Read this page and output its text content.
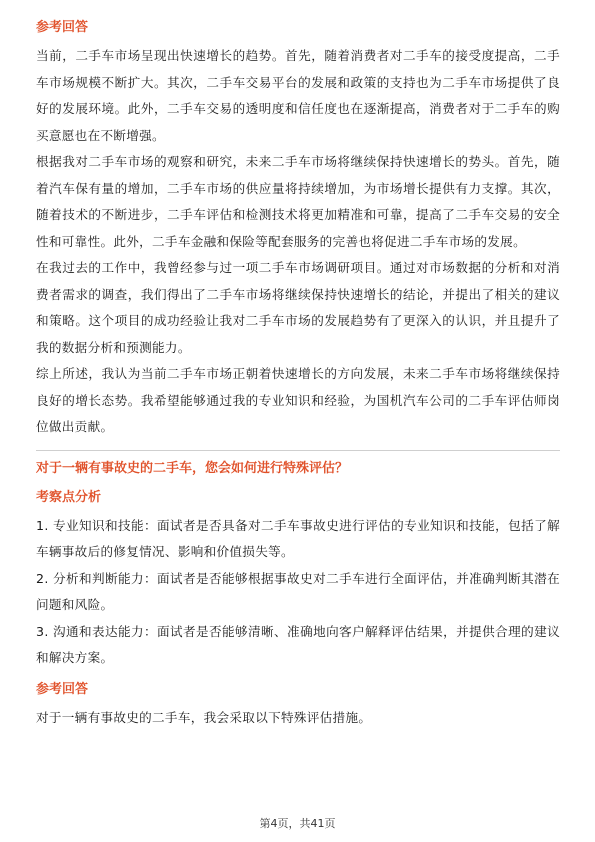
参考回答

当前，二手车市场呈现出快速增长的趋势。首先，随着消费者对二手车的接受度提高，二手车市场规模不断扩大。其次，二手车交易平台的发展和政策的支持也为二手车市场提供了良好的发展环境。此外，二手车交易的透明度和信任度也在逐渐提高，消费者对于二手车的购买意愿也在不断增强。

根据我对二手车市场的观察和研究，未来二手车市场将继续保持快速增长的势头。首先，随着汽车保有量的增加，二手车市场的供应量将持续增加，为市场增长提供有力支撑。其次，随着技术的不断进步，二手车评估和检测技术将更加精准和可靠，提高了二手车交易的安全性和可靠性。此外，二手车金融和保险等配套服务的完善也将促进二手车市场的发展。

在我过去的工作中，我曾经参与过一项二手车市场调研项目。通过对市场数据的分析和对消费者需求的调查，我们得出了二手车市场将继续保持快速增长的结论，并提出了相关的建议和策略。这个项目的成功经验让我对二手车市场的发展趋势有了更深入的认识，并且提升了我的数据分析和预测能力。

综上所述，我认为当前二手车市场正朝着快速增长的方向发展，未来二手车市场将继续保持良好的增长态势。我希望能够通过我的专业知识和经验，为国机汽车公司的二手车评估师岗位做出贡献。

对于一辆有事故史的二手车，您会如何进行特殊评估？
考察点分析

1. 专业知识和技能：面试者是否具备对二手车事故史进行评估的专业知识和技能，包括了解车辆事故后的修复情况、影响和价值损失等。

2. 分析和判断能力：面试者是否能够根据事故史对二手车进行全面评估，并准确判断其潜在问题和风险。

3. 沟通和表达能力：面试者是否能够清晰、准确地向客户解释评估结果，并提供合理的建议和解决方案。

参考回答

对于一辆有事故史的二手车，我会采取以下特殊评估措施。

第4页，共41页
